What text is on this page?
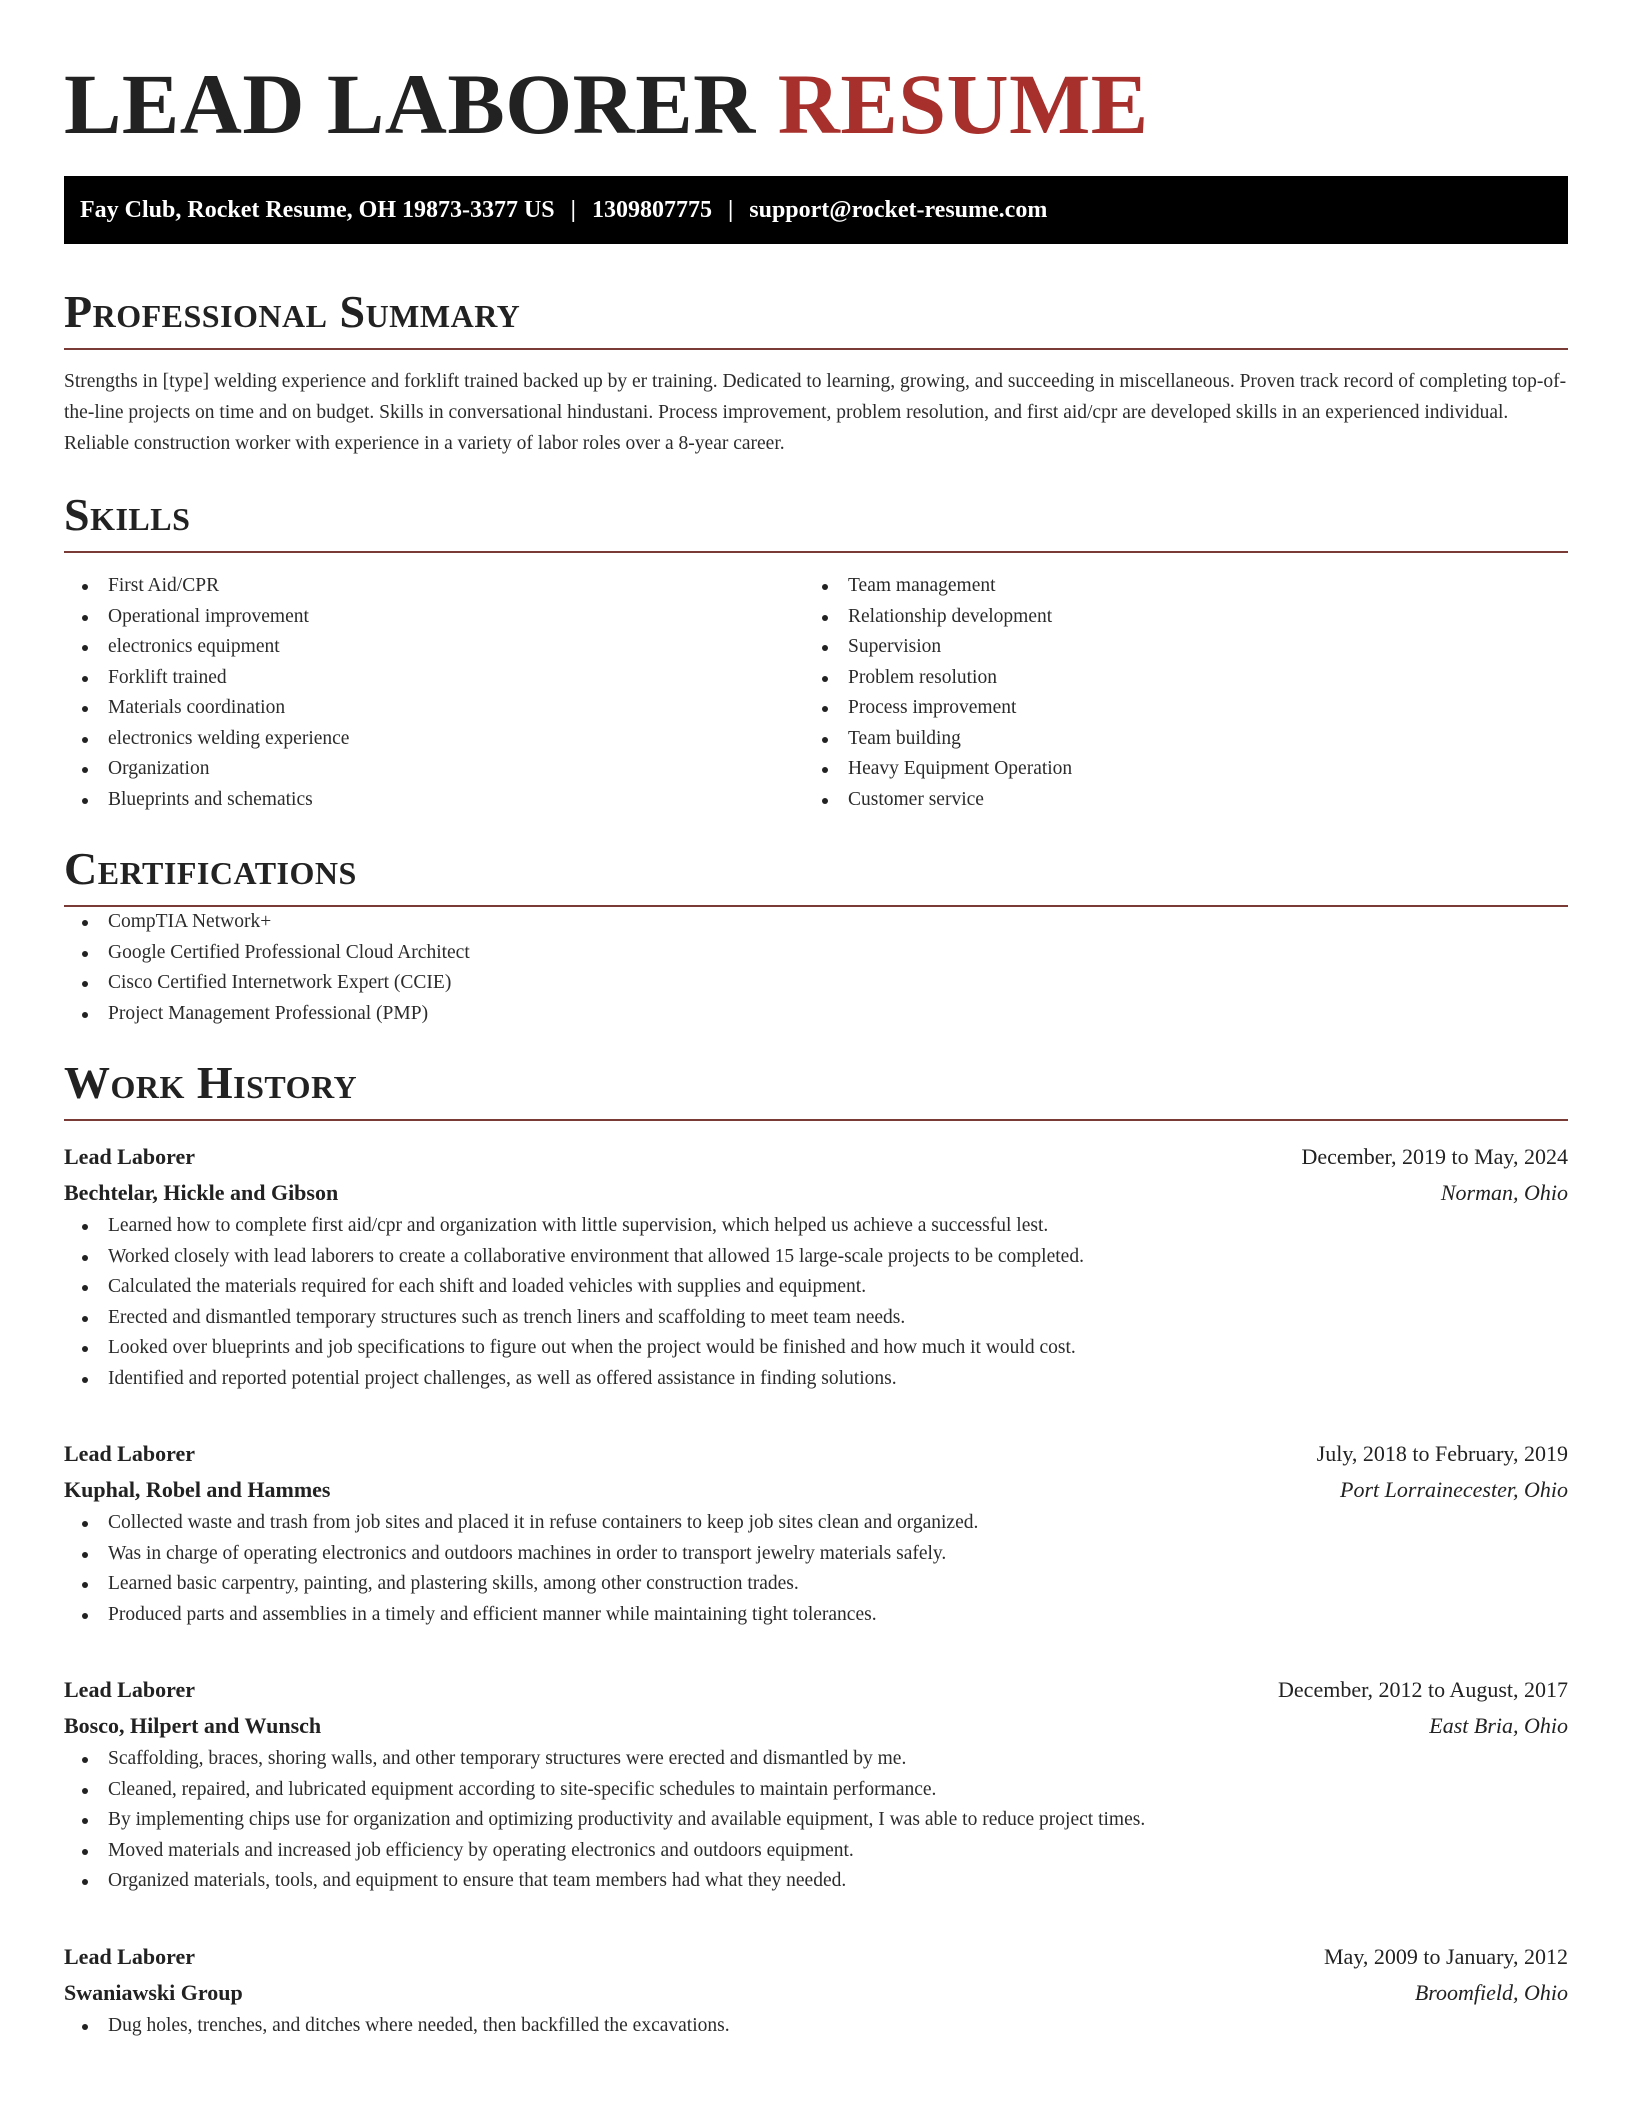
LEAD LABORER RESUME
Fay Club, Rocket Resume, OH 19873-3377 US | 1309807775 | support@rocket-resume.com
Professional Summary

Strengths in [type] welding experience and forklift trained backed up by er training. Dedicated to learning, growing, and succeeding in miscellaneous. Proven track record of completing top-of-the-line projects on time and on budget. Skills in conversational hindustani. Process improvement, problem resolution, and first aid/cpr are developed skills in an experienced individual. Reliable construction worker with experience in a variety of labor roles over a 8-year career.

Skills
First Aid/CPR
Operational improvement
electronics equipment
Forklift trained
Materials coordination
electronics welding experience
Organization
Blueprints and schematics
Team management
Relationship development
Supervision
Problem resolution
Process improvement
Team building
Heavy Equipment Operation
Customer service
Certifications
CompTIA Network+
Google Certified Professional Cloud Architect
Cisco Certified Internetwork Expert (CCIE)
Project Management Professional (PMP)
Work History
Lead Laborer	December, 2019 to May, 2024
Bechtelar, Hickle and Gibson	Norman, Ohio
Learned how to complete first aid/cpr and organization with little supervision, which helped us achieve a successful lest.
Worked closely with lead laborers to create a collaborative environment that allowed 15 large-scale projects to be completed.
Calculated the materials required for each shift and loaded vehicles with supplies and equipment.
Erected and dismantled temporary structures such as trench liners and scaffolding to meet team needs.
Looked over blueprints and job specifications to figure out when the project would be finished and how much it would cost.
Identified and reported potential project challenges, as well as offered assistance in finding solutions.
Lead Laborer	July, 2018 to February, 2019
Kuphal, Robel and Hammes	Port Lorrainecester, Ohio
Collected waste and trash from job sites and placed it in refuse containers to keep job sites clean and organized.
Was in charge of operating electronics and outdoors machines in order to transport jewelry materials safely.
Learned basic carpentry, painting, and plastering skills, among other construction trades.
Produced parts and assemblies in a timely and efficient manner while maintaining tight tolerances.
Lead Laborer	December, 2012 to August, 2017
Bosco, Hilpert and Wunsch	East Bria, Ohio
Scaffolding, braces, shoring walls, and other temporary structures were erected and dismantled by me.
Cleaned, repaired, and lubricated equipment according to site-specific schedules to maintain performance.
By implementing chips use for organization and optimizing productivity and available equipment, I was able to reduce project times.
Moved materials and increased job efficiency by operating electronics and outdoors equipment.
Organized materials, tools, and equipment to ensure that team members had what they needed.
Lead Laborer	May, 2009 to January, 2012
Swaniawski Group	Broomfield, Ohio
Dug holes, trenches, and ditches where needed, then backfilled the excavations.
